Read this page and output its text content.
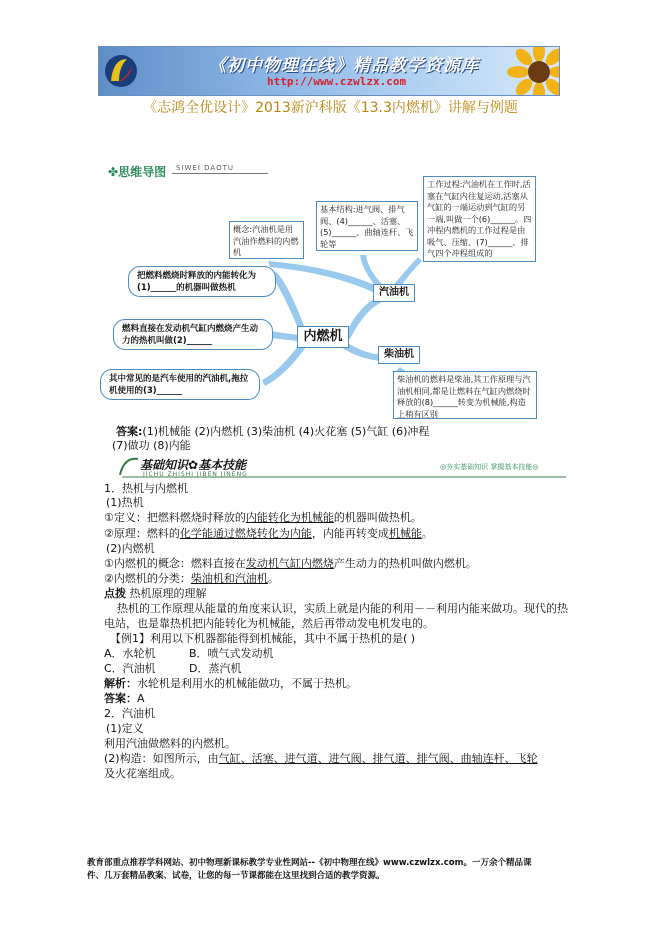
《初中物理在线》精品教学资源库
http://www.czwlzx.com
《志鸿全优设计》2013新沪科版《13.3内燃机》讲解与例题
✤思维导图 SIWEI DAOTU
概念:汽油机是用汽油作燃料的内燃机
基本结构:进气阀、排气阀、(4)______、活塞、(5)______、曲轴连杆、飞轮等
工作过程:汽油机在工作时,活塞在气缸内往复运动,活塞从气缸的一端运动到气缸的另一端,叫做一个(6)______。四冲程内燃机的工作过程是由吸气、压缩、(7)______、排气四个冲程组成的
柴油机的燃料是柴油,其工作原理与汽油机相同,都是让燃料在气缸内燃烧时释放的(8)______转变为机械能,构造上稍有区别
把燃料燃烧时释放的内能转化为(1)______的机器叫做热机
燃料直接在发动机气缸内燃烧产生动力的热机叫做(2)______
其中常见的是汽车使用的汽油机,拖拉机使用的(3)______
内燃机
汽油机
柴油机
答案:(1)机械能 (2)内燃机 (3)柴油机 (4)火花塞 (5)气缸 (6)冲程
(7)做功 (8)内能
基础知识✿基本技能
JICHU ZHISHI JIBEN JINENG
◎夯实基础知识 掌握基本技能◎
1．热机与内燃机
(1)热机
①定义：把燃料燃烧时释放的内能转化为机械能的机器叫做热机。
②原理：燃料的化学能通过燃烧转化为内能，内能再转变成机械能。
(2)内燃机
①内燃机的概念：燃料直接在发动机气缸内燃烧产生动力的热机叫做内燃机。
②内燃机的分类：柴油机和汽油机。
点拨 热机原理的理解
热机的工作原理从能量的角度来认识，实质上就是内能的利用－－利用内能来做功。现代的热
电站，也是靠热机把内能转化为机械能，然后再带动发电机发电的。
【例1】利用以下机器都能得到机械能，其中不属于热机的是( )
A．水轮机	B．喷气式发动机
C．汽油机	D．蒸汽机
解析：水轮机是利用水的机械能做功，不属于热机。
答案：A
2．汽油机
(1)定义
利用汽油做燃料的内燃机。
(2)构造：如图所示，由气缸、活塞、进气道、进气阀、排气道、排气阀、曲轴连杆、飞轮
及火花塞组成。
教育部重点推荐学科网站、初中物理新课标教学专业性网站--《初中物理在线》www.czwlzx.com。一万余个精品课
件、几万套精品教案、试卷，让您的每一节课都能在这里找到合适的教学资源。
